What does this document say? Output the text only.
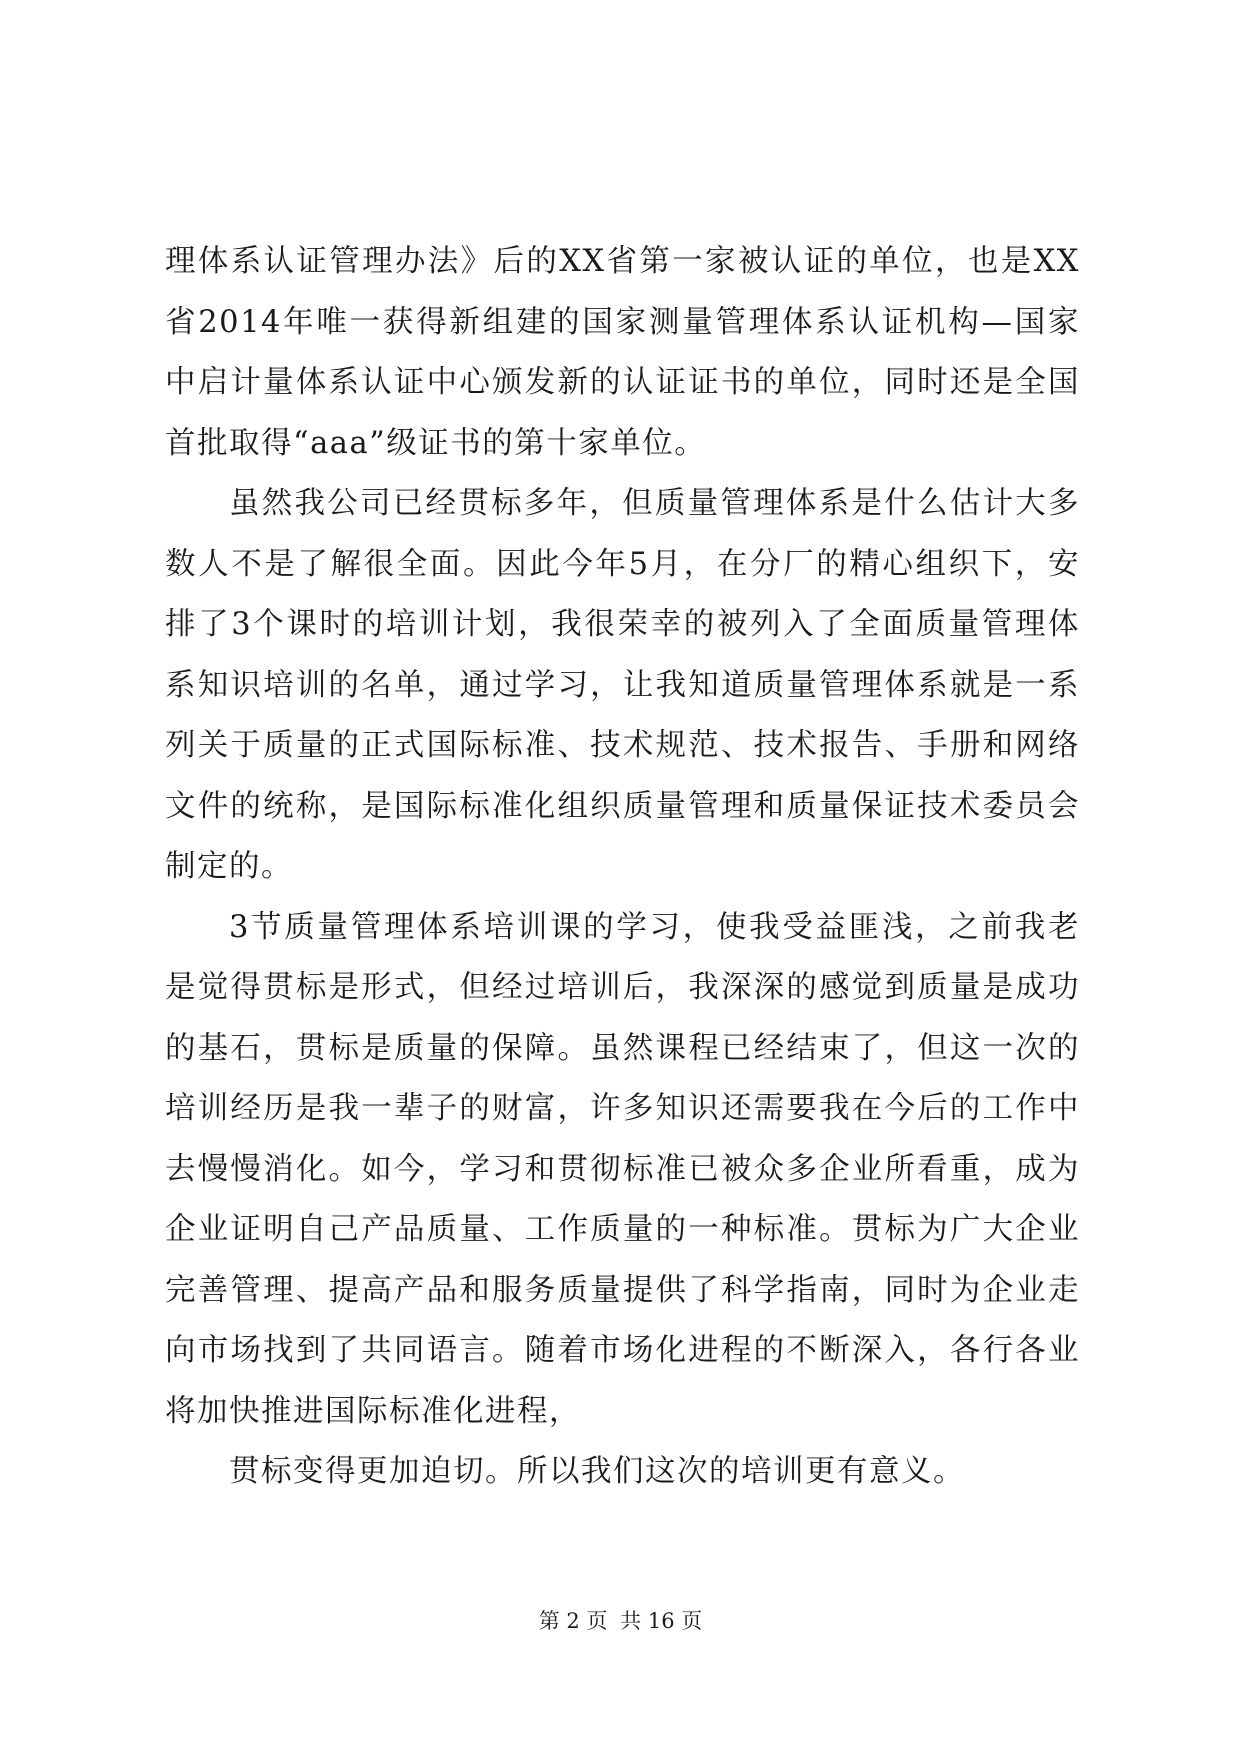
理体系认证管理办法》后的XX省第一家被认证的单位，也是XX省2014年唯一获得新组建的国家测量管理体系认证机构—国家中启计量体系认证中心颁发新的认证证书的单位，同时还是全国首批取得“aaa”级证书的第十家单位。

虽然我公司已经贯标多年，但质量管理体系是什么估计大多数人不是了解很全面。因此今年5月，在分厂的精心组织下，安排了3个课时的培训计划，我很荣幸的被列入了全面质量管理体系知识培训的名单，通过学习，让我知道质量管理体系就是一系列关于质量的正式国际标准、技术规范、技术报告、手册和网络文件的统称，是国际标准化组织质量管理和质量保证技术委员会制定的。

3节质量管理体系培训课的学习，使我受益匪浅，之前我老是觉得贯标是形式，但经过培训后，我深深的感觉到质量是成功的基石，贯标是质量的保障。虽然课程已经结束了，但这一次的培训经历是我一辈子的财富，许多知识还需要我在今后的工作中去慢慢消化。如今，学习和贯彻标准已被众多企业所看重，成为企业证明自己产品质量、工作质量的一种标准。贯标为广大企业完善管理、提高产品和服务质量提供了科学指南，同时为企业走向市场找到了共同语言。随着市场化进程的不断深入，各行各业将加快推进国际标准化进程，

贯标变得更加迫切。所以我们这次的培训更有意义。

第 2 页 共 16 页
